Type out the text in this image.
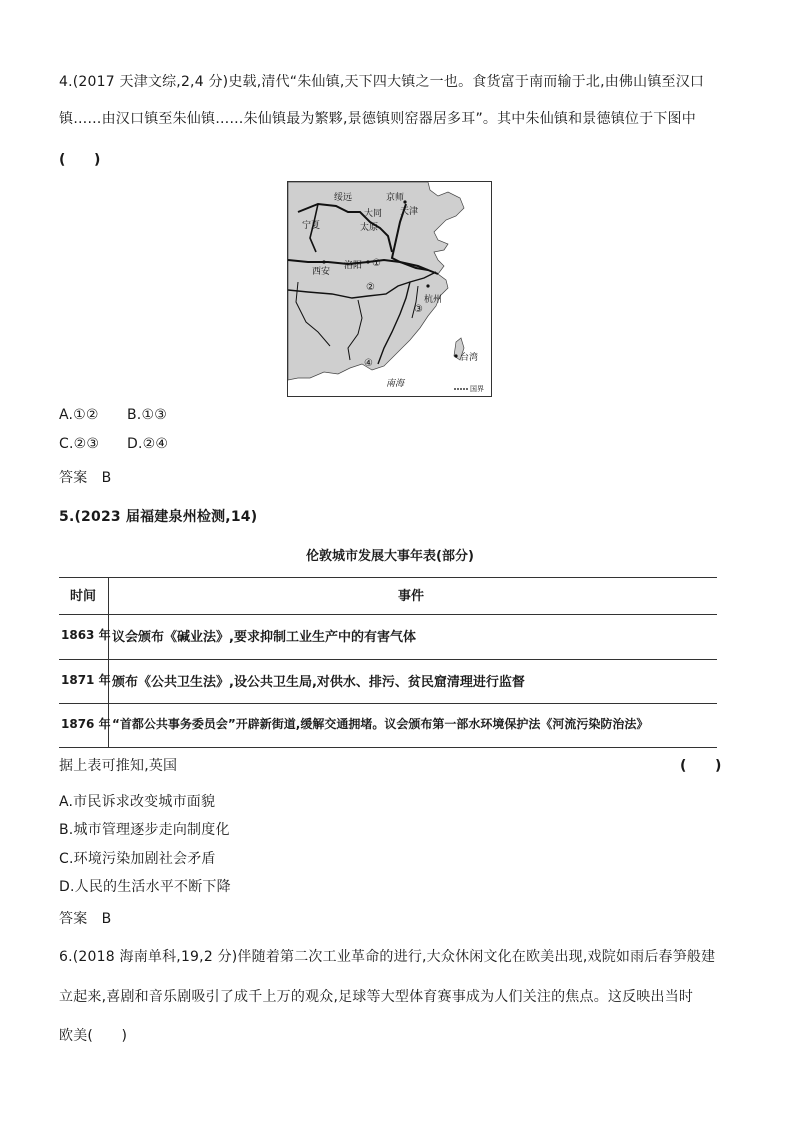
4.(2017 天津文综,2,4 分)史载,清代“朱仙镇,天下四大镇之一也。食货富于南而输于北,由佛山镇至汉口
镇……由汉口镇至朱仙镇……朱仙镇最为繁夥,景德镇则窑器居多耳”。其中朱仙镇和景德镇位于下图中
(　　)
绥远	京师
天津
大同
太原
宁夏
西安
洛阳 ①
②
杭州
③
台湾
④
南海	国界
A.①② B.①③
C.②③ D.②④
答案　B
5.(2023 届福建泉州检测,14)
伦敦城市发展大事年表(部分)
时间	事件
1863 年 议会颁布《碱业法》,要求抑制工业生产中的有害气体
1871 年 颁布《公共卫生法》,设公共卫生局,对供水、排污、贫民窟清理进行监督
1876 年 “首都公共事务委员会”开辟新街道,缓解交通拥堵。议会颁布第一部水环境保护法《河流污染防治法》
据上表可推知,英国	(　　)
A.市民诉求改变城市面貌
B.城市管理逐步走向制度化
C.环境污染加剧社会矛盾
D.人民的生活水平不断下降
答案　B
6.(2018 海南单科,19,2 分)伴随着第二次工业革命的进行,大众休闲文化在欧美出现,戏院如雨后春笋般建
立起来,喜剧和音乐剧吸引了成千上万的观众,足球等大型体育赛事成为人们关注的焦点。这反映出当时
欧美(　　)
